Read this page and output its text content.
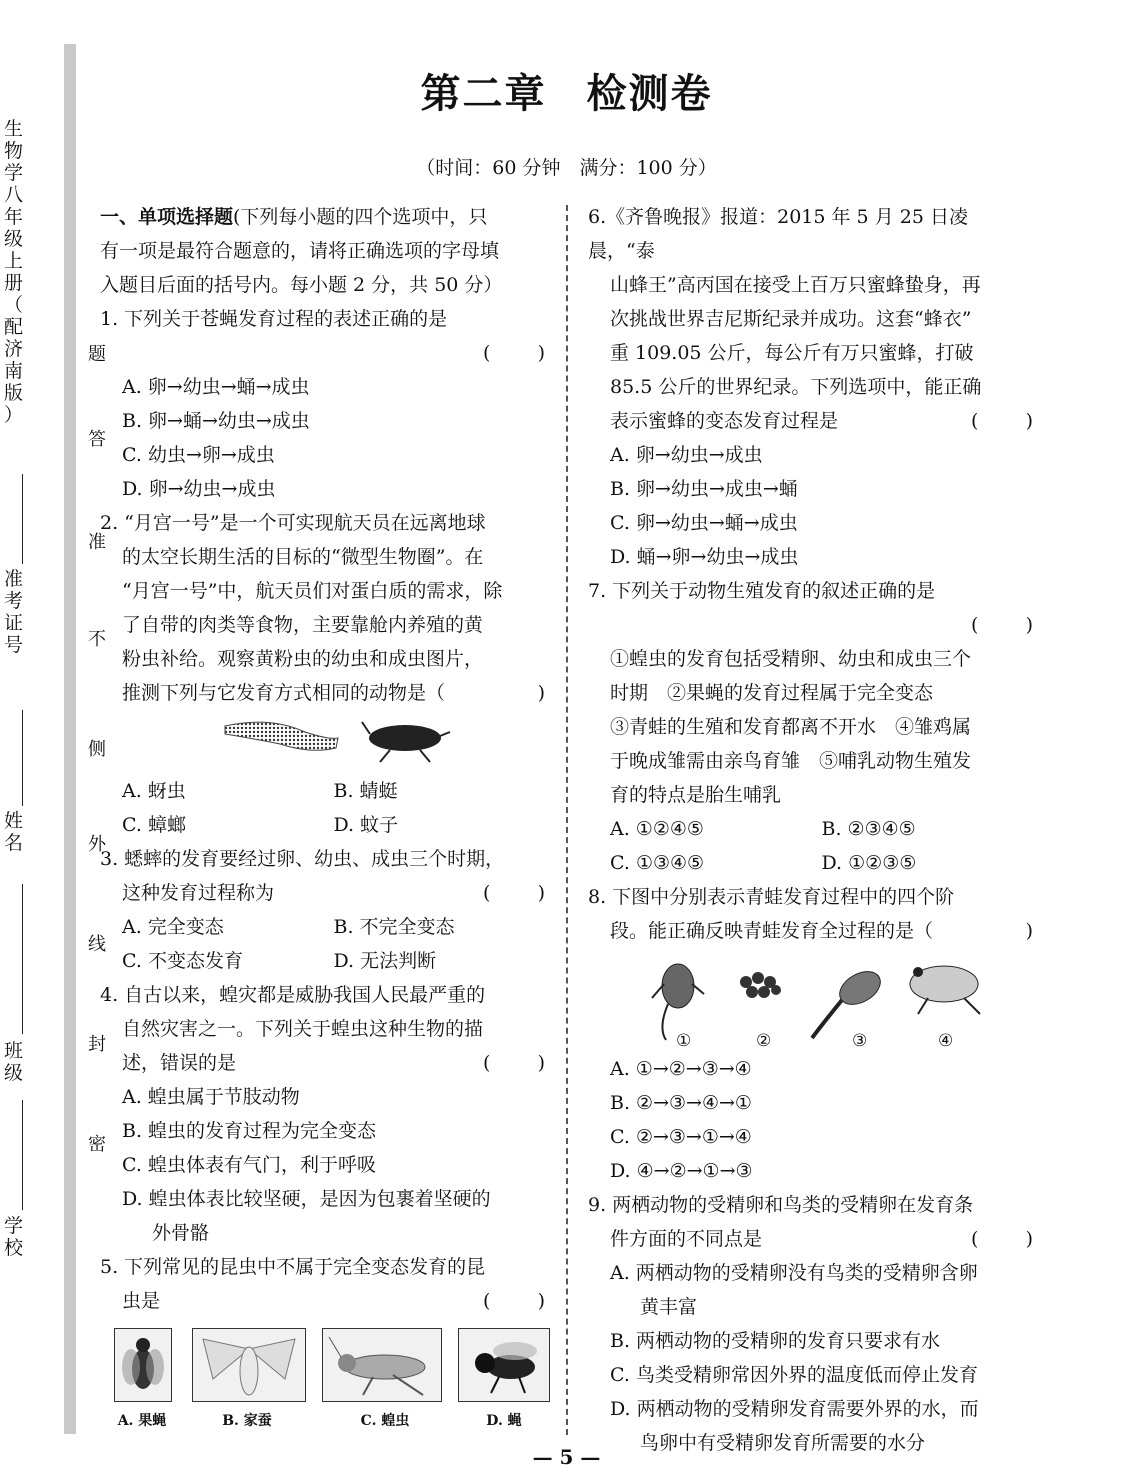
生
物
学
八
年
级
上
册
（
配
济
南
版
）
准
考
证
号
姓
名
班
级
学
校
题
答
准
不
侧
外
线
封
密
第二章 检测卷
（时间：60 分钟　满分：100 分）

一、单项选择题(下列每小题的四个选项中，只

有一项是最符合题意的，请将正确选项的字母填

入题目后面的括号内。每小题 2 分，共 50 分）

1. 下列关于苍蝇发育过程的表述正确的是

( )

A. 卵→幼虫→蛹→成虫

B. 卵→蛹→幼虫→成虫

C. 幼虫→卵→成虫

D. 卵→幼虫→成虫

2. “月宫一号”是一个可实现航天员在远离地球

的太空长期生活的目标的“微型生物圈”。在

“月宫一号”中，航天员们对蛋白质的需求，除

了自带的肉类等食物，主要靠舱内养殖的黄

粉虫补给。观察黄粉虫的幼虫和成虫图片，

推测下列与它发育方式相同的动物是（	)

A. 蚜虫	B. 蜻蜓
C. 蟑螂	D. 蚊子

3. 蟋蟀的发育要经过卵、幼虫、成虫三个时期，

这种发育过程称为	( )

A. 完全变态	B. 不完全变态
C. 不变态发育	D. 无法判断

4. 自古以来，蝗灾都是威胁我国人民最严重的

自然灾害之一。下列关于蝗虫这种生物的描

述，错误的是	( )

A. 蝗虫属于节肢动物

B. 蝗虫的发育过程为完全变态

C. 蝗虫体表有气门，利于呼吸

D. 蝗虫体表比较坚硬，是因为包裹着坚硬的

外骨骼

5. 下列常见的昆虫中不属于完全变态发育的昆

虫是	( )

A. 果蝇	B. 家蚕	C. 蝗虫	D. 蝇

6.《齐鲁晚报》报道：2015 年 5 月 25 日凌晨，“泰

山蜂王”高丙国在接受上百万只蜜蜂蛰身，再

次挑战世界吉尼斯纪录并成功。这套“蜂衣”

重 109.05 公斤，每公斤有万只蜜蜂，打破

85.5 公斤的世界纪录。下列选项中，能正确

表示蜜蜂的变态发育过程是	( )

A. 卵→幼虫→成虫

B. 卵→幼虫→成虫→蛹

C. 卵→幼虫→蛹→成虫

D. 蛹→卵→幼虫→成虫

7. 下列关于动物生殖发育的叙述正确的是

( )

①蝗虫的发育包括受精卵、幼虫和成虫三个

时期　②果蝇的发育过程属于完全变态

③青蛙的生殖和发育都离不开水　④雏鸡属

于晚成雏需由亲鸟育雏　⑤哺乳动物生殖发

育的特点是胎生哺乳

A. ①②④⑤	B. ②③④⑤
C. ①③④⑤	D. ①②③⑤

8. 下图中分别表示青蛙发育过程中的四个阶

段。能正确反映青蛙发育全过程的是（	)

①	②	③	④

A. ①→②→③→④

B. ②→③→④→①

C. ②→③→①→④

D. ④→②→①→③

9. 两栖动物的受精卵和鸟类的受精卵在发育条

件方面的不同点是	( )

A. 两栖动物的受精卵没有鸟类的受精卵含卵

黄丰富

B. 两栖动物的受精卵的发育只要求有水

C. 鸟类受精卵常因外界的温度低而停止发育

D. 两栖动物的受精卵发育需要外界的水，而

鸟卵中有受精卵发育所需要的水分

— 5 —
